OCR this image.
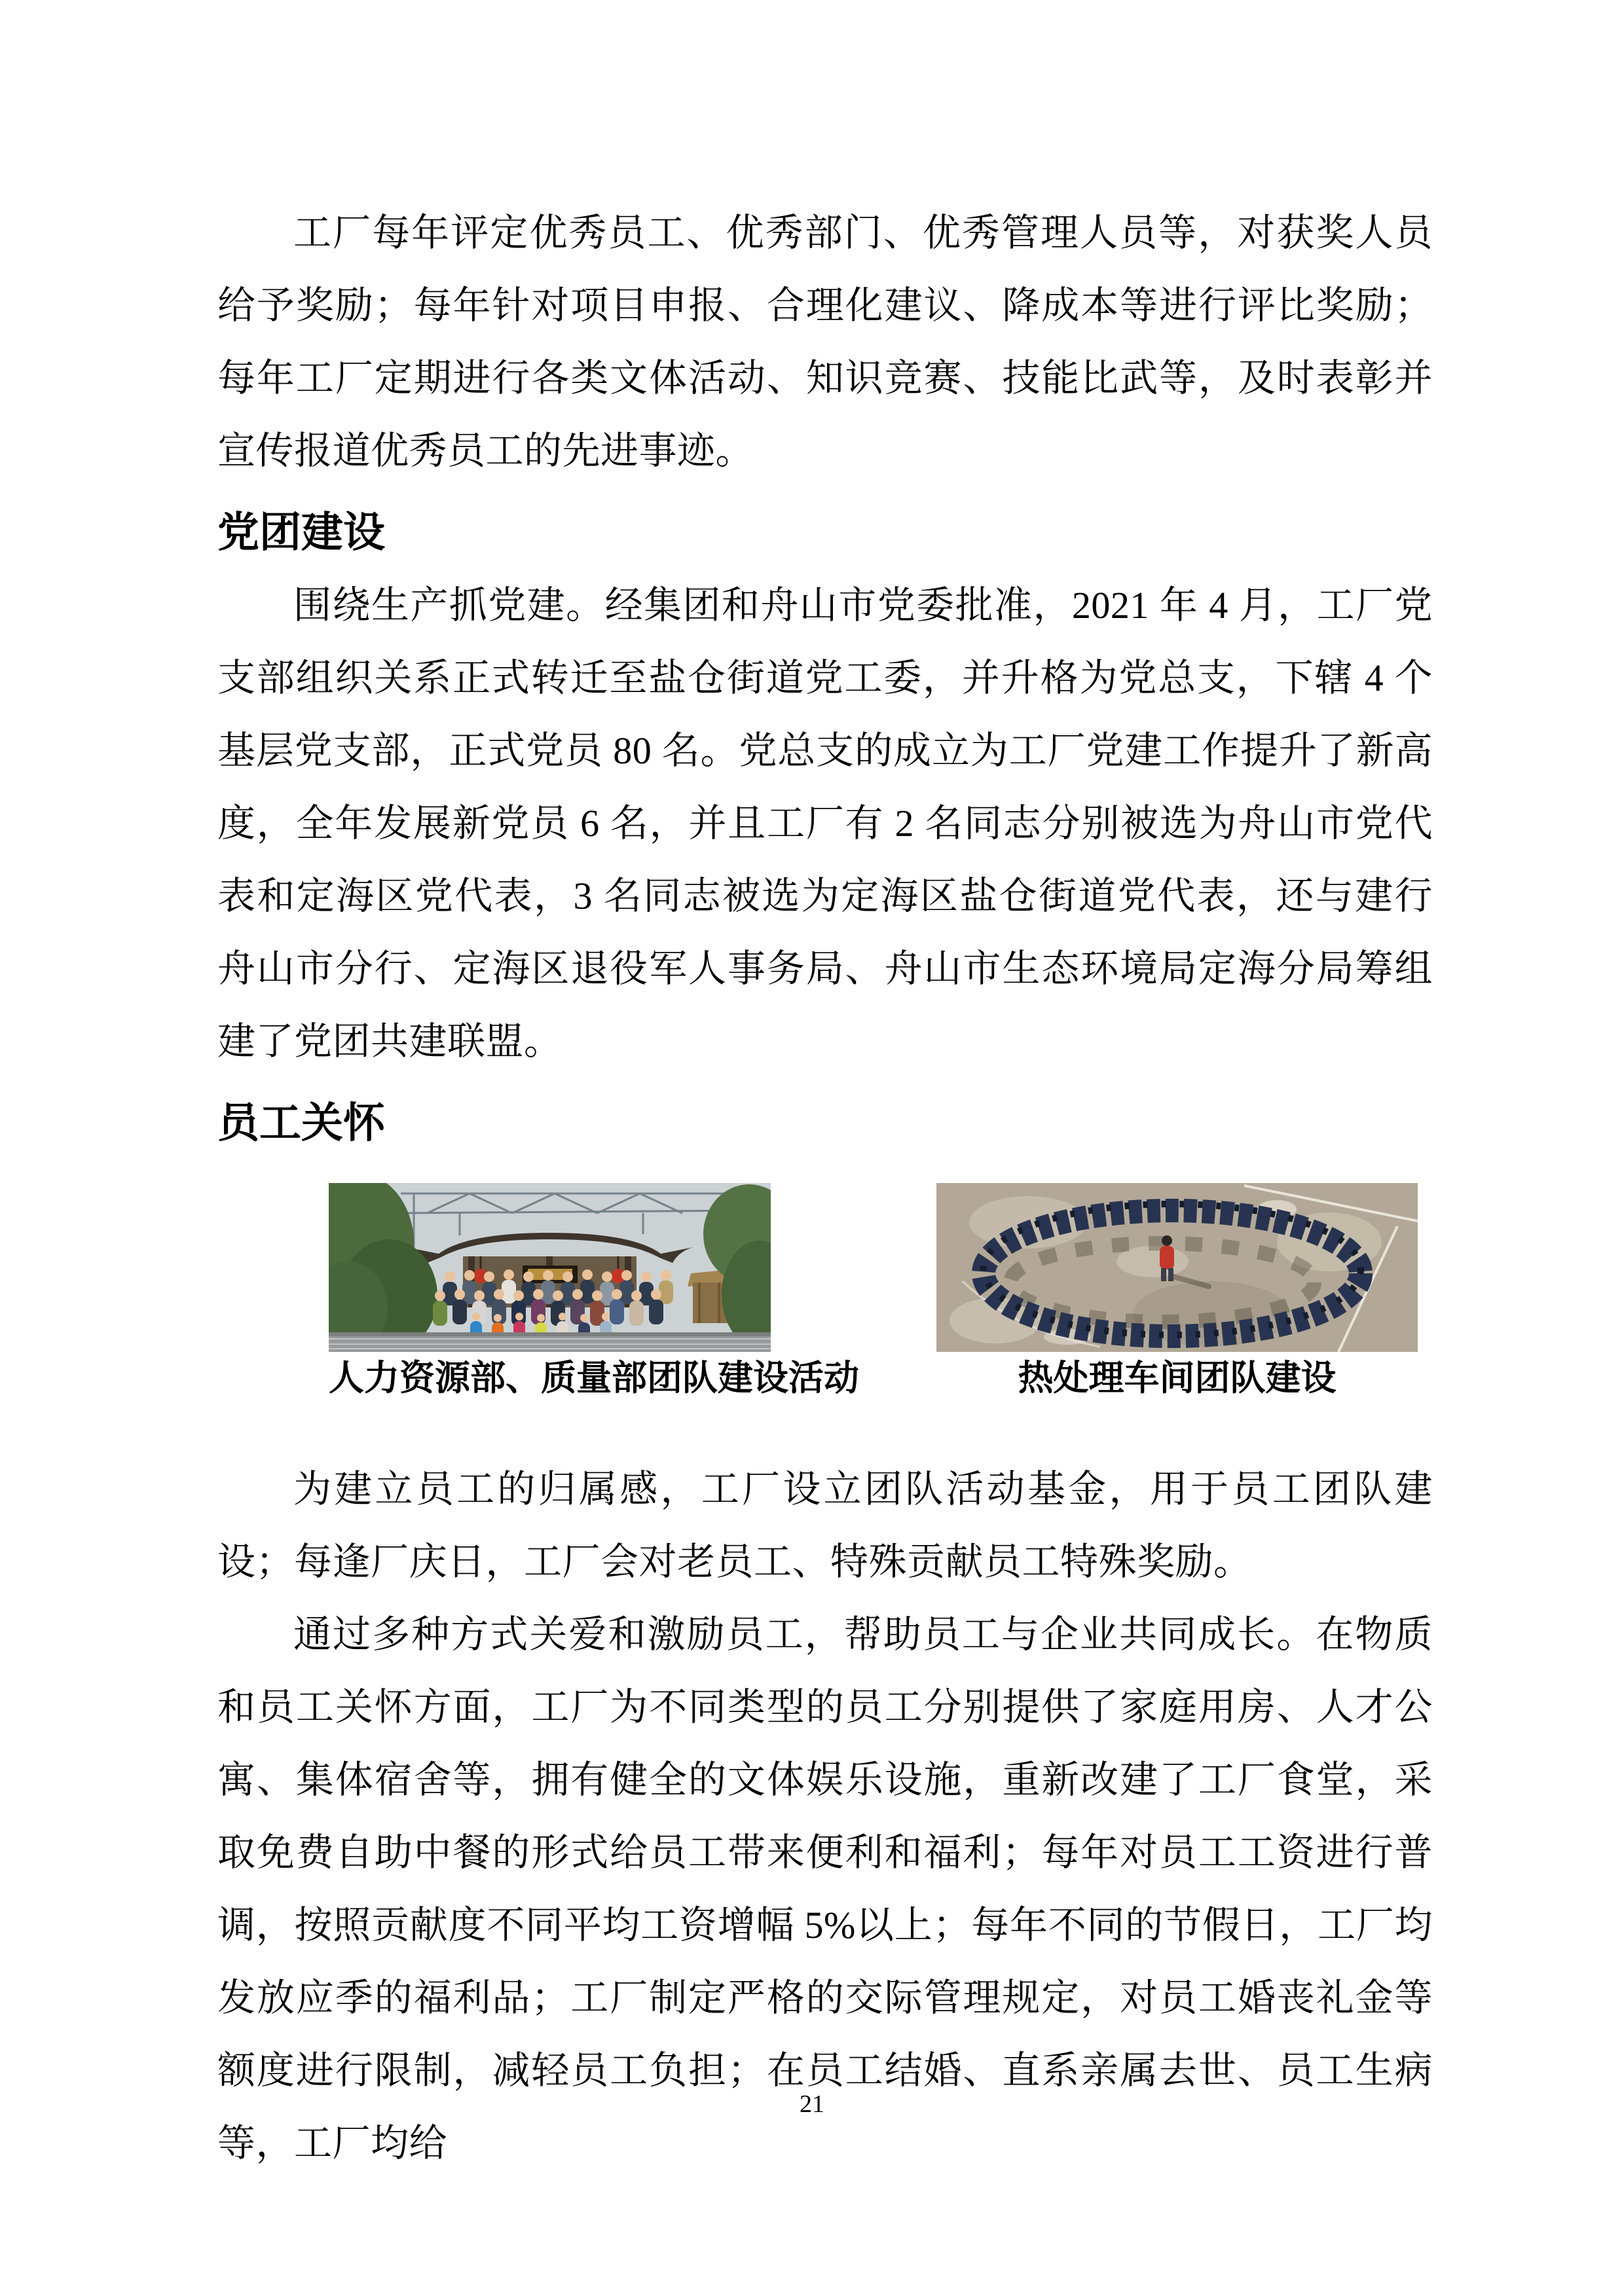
工厂每年评定优秀员工、优秀部门、优秀管理人员等，对获奖人员给予奖励；每年针对项目申报、合理化建议、降成本等进行评比奖励；每年工厂定期进行各类文体活动、知识竞赛、技能比武等，及时表彰并宣传报道优秀员工的先进事迹。

党团建设

围绕生产抓党建。经集团和舟山市党委批准，2021 年 4 月，工厂党支部组织关系正式转迁至盐仓街道党工委，并升格为党总支，下辖 4 个基层党支部，正式党员 80 名。党总支的成立为工厂党建工作提升了新高度，全年发展新党员 6 名，并且工厂有 2 名同志分别被选为舟山市党代表和定海区党代表，3 名同志被选为定海区盐仓街道党代表，还与建行舟山市分行、定海区退役军人事务局、舟山市生态环境局定海分局筹组建了党团共建联盟。

员工关怀
人力资源部、质量部团队建设活动	热处理车间团队建设

为建立员工的归属感，工厂设立团队活动基金，用于员工团队建设；每逢厂庆日，工厂会对老员工、特殊贡献员工特殊奖励。

通过多种方式关爱和激励员工，帮助员工与企业共同成长。在物质和员工关怀方面，工厂为不同类型的员工分别提供了家庭用房、人才公寓、集体宿舍等，拥有健全的文体娱乐设施，重新改建了工厂食堂，采取免费自助中餐的形式给员工带来便利和福利；每年对员工工资进行普调，按照贡献度不同平均工资增幅 5%以上；每年不同的节假日，工厂均发放应季的福利品；工厂制定严格的交际管理规定，对员工婚丧礼金等额度进行限制，减轻员工负担；在员工结婚、直系亲属去世、员工生病等，工厂均给

21
